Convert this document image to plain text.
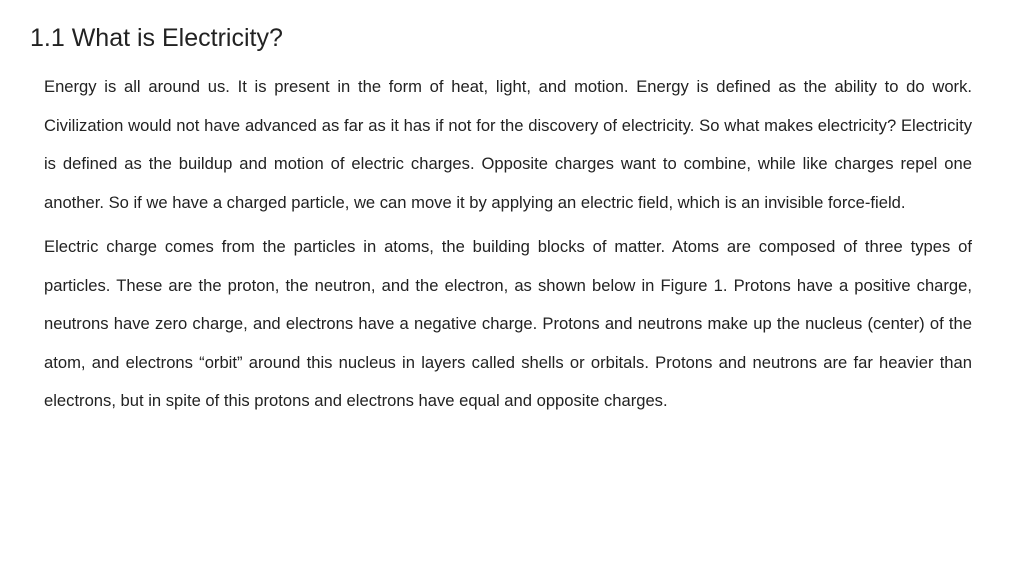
1.1 What is Electricity?

Energy is all around us. It is present in the form of heat, light, and motion. Energy is defined as the ability to do work. Civilization would not have advanced as far as it has if not for the discovery of electricity. So what makes electricity? Electricity is defined as the buildup and motion of electric charges. Opposite charges want to combine, while like charges repel one another. So if we have a charged particle, we can move it by applying an electric field, which is an invisible force-field.

Electric charge comes from the particles in atoms, the building blocks of matter. Atoms are composed of three types of particles. These are the proton, the neutron, and the electron, as shown below in Figure 1. Protons have a positive charge, neutrons have zero charge, and electrons have a negative charge. Protons and neutrons make up the nucleus (center) of the atom, and electrons “orbit” around this nucleus in layers called shells or orbitals. Protons and neutrons are far heavier than electrons, but in spite of this protons and electrons have equal and opposite charges.
